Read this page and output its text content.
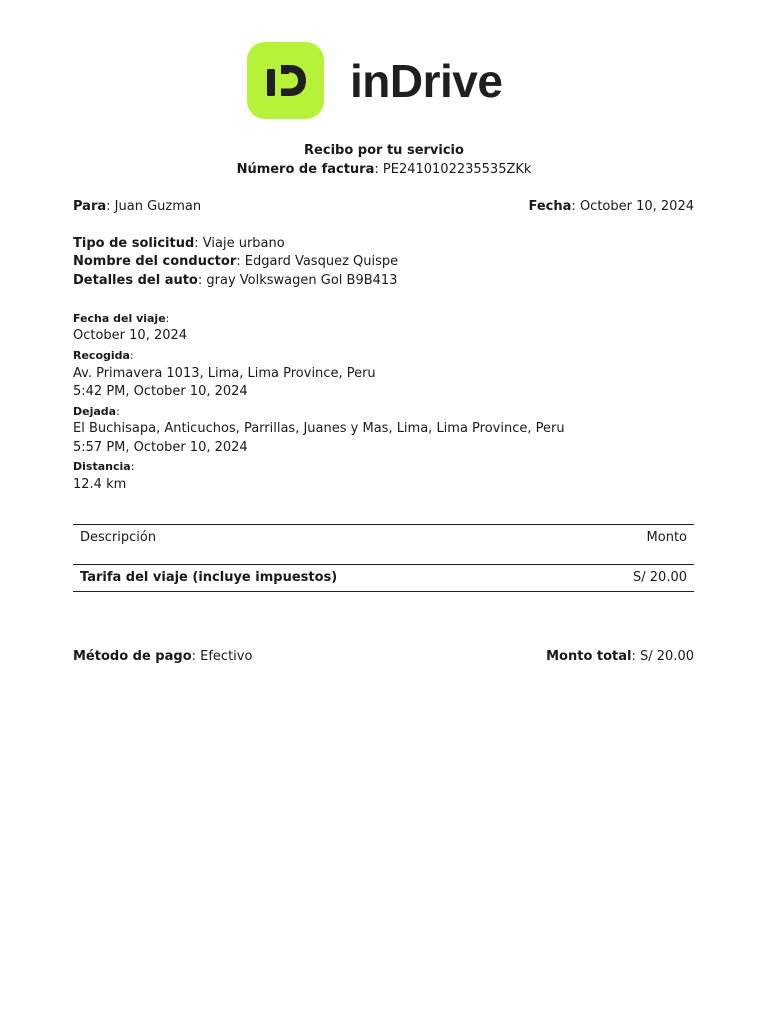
inDrive
Recibo por tu servicio
Número de factura: PE2410102235535ZKk
Para: Juan Guzman	Fecha: October 10, 2024
Tipo de solicitud: Viaje urbano
Nombre del conductor: Edgard Vasquez Quispe
Detalles del auto: gray Volkswagen Gol B9B413
Fecha del viaje:
October 10, 2024
Recogida:
Av. Primavera 1013, Lima, Lima Province, Peru
5:42 PM, October 10, 2024
Dejada:
El Buchisapa, Anticuchos, Parrillas, Juanes y Mas, Lima, Lima Province, Peru
5:57 PM, October 10, 2024
Distancia:
12.4 km
Descripción	Monto
Tarifa del viaje (incluye impuestos)	S/ 20.00
Método de pago: Efectivo	Monto total: S/ 20.00
